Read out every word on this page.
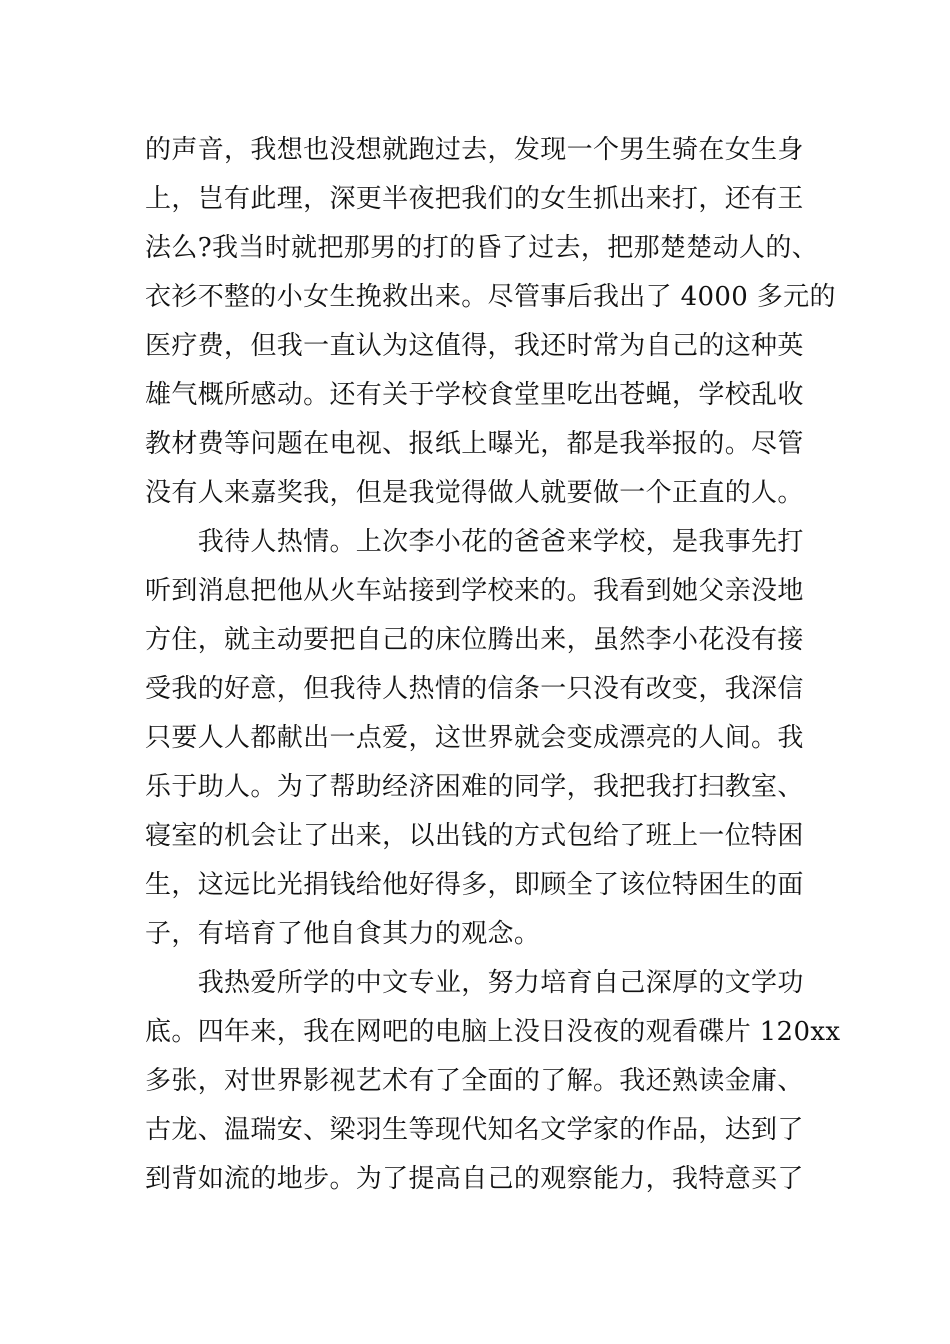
的声音，我想也没想就跑过去，发现一个男生骑在女生身
上，岂有此理，深更半夜把我们的女生抓出来打，还有王
法么?我当时就把那男的打的昏了过去，把那楚楚动人的、
衣衫不整的小女生挽救出来。尽管事后我出了 4000 多元的
医疗费，但我一直认为这值得，我还时常为自己的这种英
雄气概所感动。还有关于学校食堂里吃出苍蝇，学校乱收
教材费等问题在电视、报纸上曝光，都是我举报的。尽管
没有人来嘉奖我，但是我觉得做人就要做一个正直的人。
　　我待人热情。上次李小花的爸爸来学校，是我事先打
听到消息把他从火车站接到学校来的。我看到她父亲没地
方住，就主动要把自己的床位腾出来，虽然李小花没有接
受我的好意，但我待人热情的信条一只没有改变，我深信
只要人人都献出一点爱，这世界就会变成漂亮的人间。我
乐于助人。为了帮助经济困难的同学，我把我打扫教室、
寝室的机会让了出来，以出钱的方式包给了班上一位特困
生，这远比光捐钱给他好得多，即顾全了该位特困生的面
子，有培育了他自食其力的观念。
　　我热爱所学的中文专业，努力培育自己深厚的文学功
底。四年来，我在网吧的电脑上没日没夜的观看碟片 120xx
多张，对世界影视艺术有了全面的了解。我还熟读金庸、
古龙、温瑞安、梁羽生等现代知名文学家的作品，达到了
到背如流的地步。为了提高自己的观察能力，我特意买了
